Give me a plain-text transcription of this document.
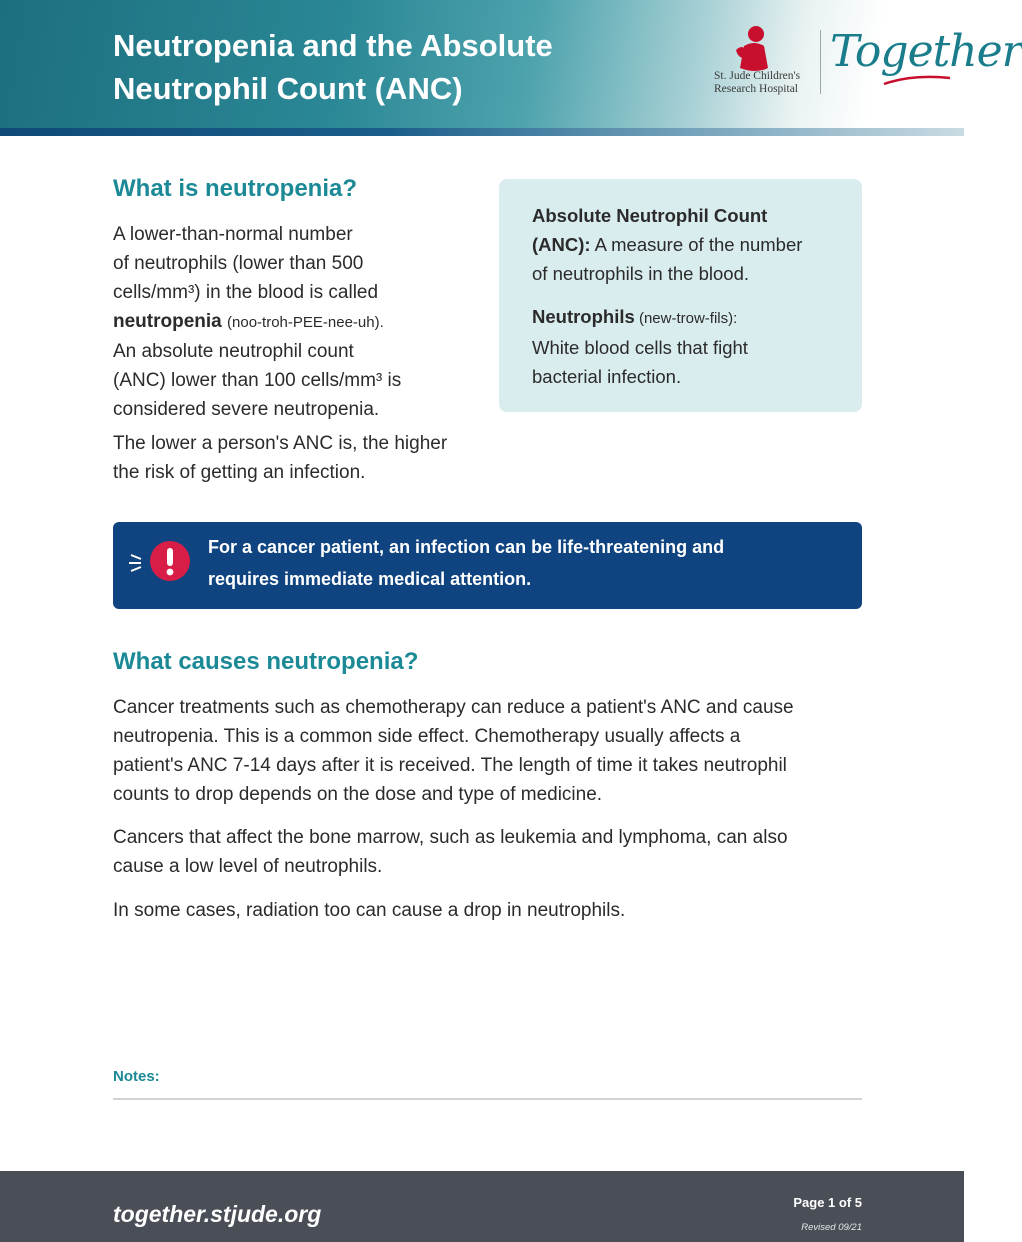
Neutropenia and the Absolute
Neutrophil Count (ANC)	St. Jude Children's
Research Hospital
Together
What is neutropenia?
A lower-than-normal number
of neutrophils (lower than 500
cells/mm³) in the blood is called
neutropenia (noo-troh-PEE-nee-uh).
An absolute neutrophil count
(ANC) lower than 100 cells/mm³ is
considered severe neutropenia.
The lower a person's ANC is, the higher
the risk of getting an infection.

Absolute Neutrophil Count
(ANC): A measure of the number
of neutrophils in the blood.

Neutrophils (new-trow-fils):
White blood cells that fight
bacterial infection.

For a cancer patient, an infection can be life-threatening and
requires immediate medical attention.
What causes neutropenia?
Cancer treatments such as chemotherapy can reduce a patient's ANC and cause
neutropenia. This is a common side effect. Chemotherapy usually affects a
patient's ANC 7-14 days after it is received. The length of time it takes neutrophil
counts to drop depends on the dose and type of medicine.
Cancers that affect the bone marrow, such as leukemia and lymphoma, can also
cause a low level of neutrophils.
In some cases, radiation too can cause a drop in neutrophils.
Notes:
together.stjude.org	Page 1 of 5
Revised 09/21
